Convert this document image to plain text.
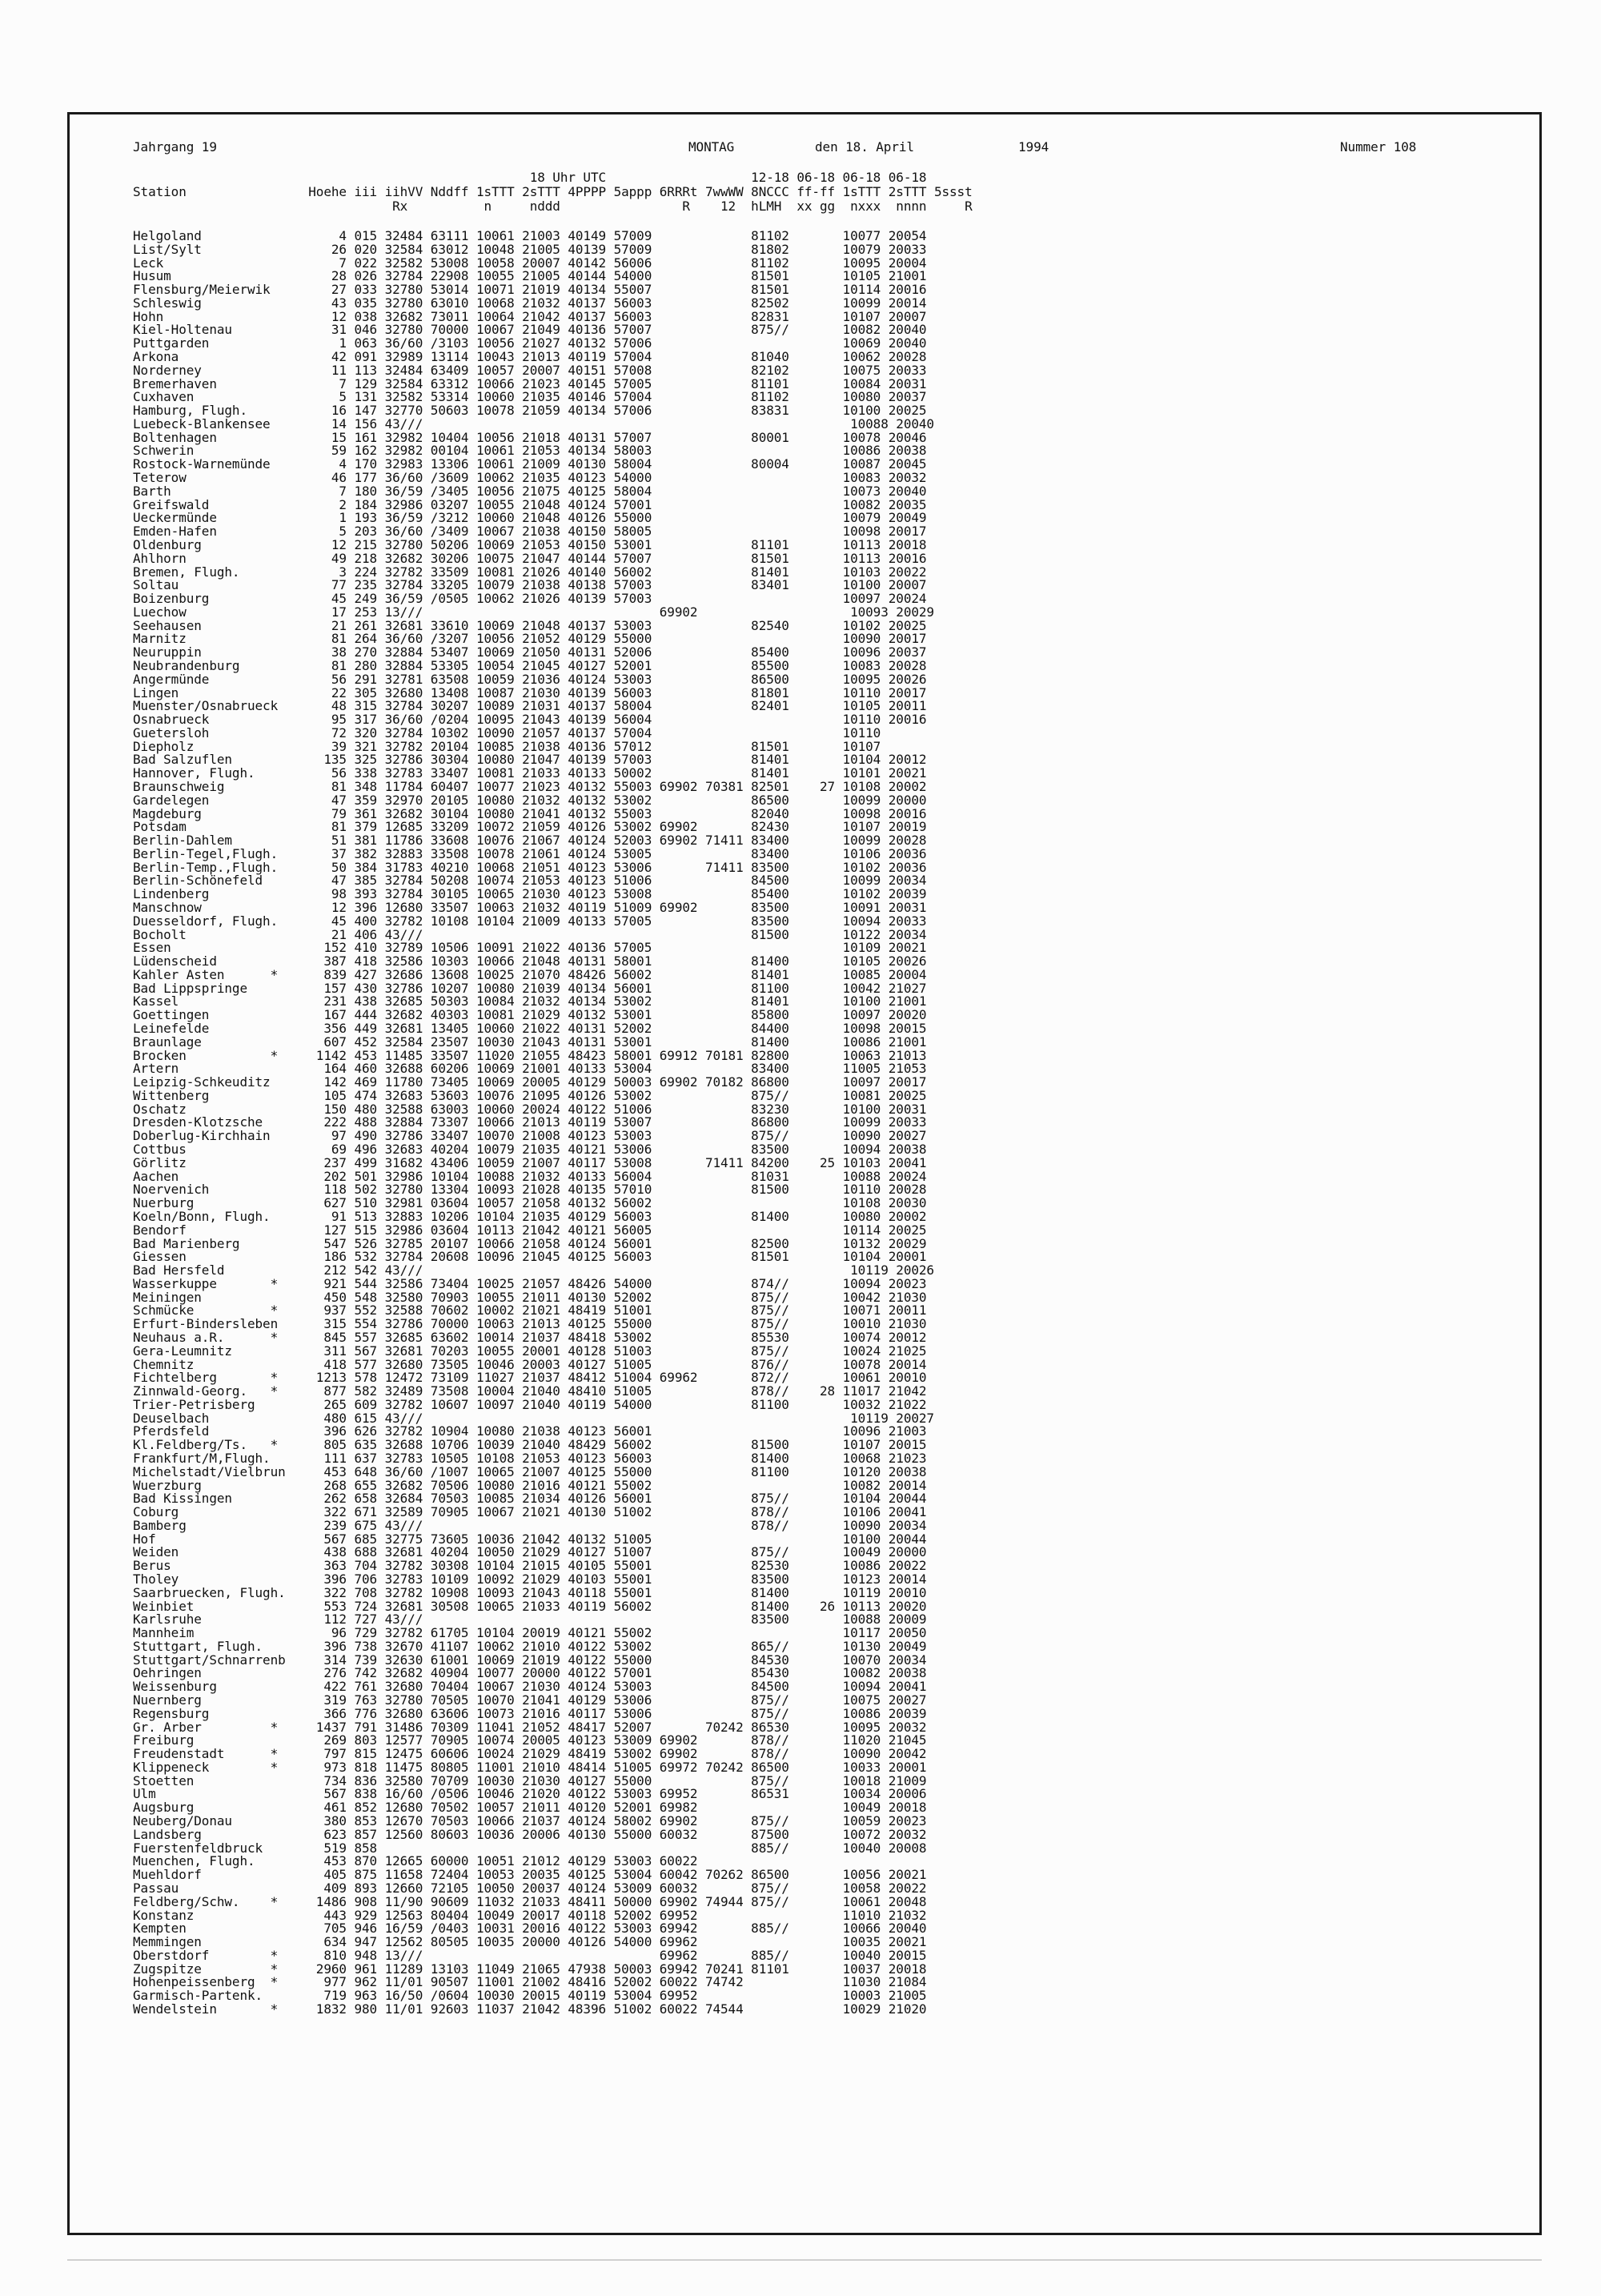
Jahrgang 19	MONTAG	den 18. April	1994	Nummer 108
18 Uhr UTC                   12-18 06-18 06-18 06-18
Station                Hoehe iii iihVV Nddff 1sTTT 2sTTT 4PPPP 5appp 6RRRt 7wwWW 8NCCC ff-ff 1sTTT 2sTTT 5ssst
Rx          n     nddd                R    12  hLMH  xx gg  nxxx  nnnn     R
Helgoland                  4 015 32484 63111 10061 21003 40149 57009             81102       10077 20054
List/Sylt                 26 020 32584 63012 10048 21005 40139 57009             81802       10079 20033
Leck                       7 022 32582 53008 10058 20007 40142 56006             81102       10095 20004
Husum                     28 026 32784 22908 10055 21005 40144 54000             81501       10105 21001
Flensburg/Meierwik        27 033 32780 53014 10071 21019 40134 55007             81501       10114 20016
Schleswig                 43 035 32780 63010 10068 21032 40137 56003             82502       10099 20014
Hohn                      12 038 32682 73011 10064 21042 40137 56003             82831       10107 20007
Kiel-Holtenau             31 046 32780 70000 10067 21049 40136 57007             875//       10082 20040
Puttgarden                 1 063 36/60 /3103 10056 21027 40132 57006                         10069 20040
Arkona                    42 091 32989 13114 10043 21013 40119 57004             81040       10062 20028
Norderney                 11 113 32484 63409 10057 20007 40151 57008             82102       10075 20033
Bremerhaven                7 129 32584 63312 10066 21023 40145 57005             81101       10084 20031
Cuxhaven                   5 131 32582 53314 10060 21035 40146 57004             81102       10080 20037
Hamburg, Flugh.           16 147 32770 50603 10078 21059 40134 57006             83831       10100 20025
Luebeck-Blankensee        14 156 43///                                                        10088 20040
Boltenhagen               15 161 32982 10404 10056 21018 40131 57007             80001       10078 20046
Schwerin                  59 162 32982 00104 10061 21053 40134 58003                         10086 20038
Rostock-Warnemünde         4 170 32983 13306 10061 21009 40130 58004             80004       10087 20045
Teterow                   46 177 36/60 /3609 10062 21035 40123 54000                         10083 20032
Barth                      7 180 36/59 /3405 10056 21075 40125 58004                         10073 20040
Greifswald                 2 184 32986 03207 10055 21048 40124 57001                         10082 20035
Ueckermünde                1 193 36/59 /3212 10060 21048 40126 55000                         10079 20049
Emden-Hafen                5 203 36/60 /3409 10067 21038 40150 58005                         10098 20017
Oldenburg                 12 215 32780 50206 10069 21053 40150 53001             81101       10113 20018
Ahlhorn                   49 218 32682 30206 10075 21047 40144 57007             81501       10113 20016
Bremen, Flugh.             3 224 32782 33509 10081 21026 40140 56002             81401       10103 20022
Soltau                    77 235 32784 33205 10079 21038 40138 57003             83401       10100 20007
Boizenburg                45 249 36/59 /0505 10062 21026 40139 57003                         10097 20024
Luechow                   17 253 13///                               69902                    10093 20029
Seehausen                 21 261 32681 33610 10069 21048 40137 53003             82540       10102 20025
Marnitz                   81 264 36/60 /3207 10056 21052 40129 55000                         10090 20017
Neuruppin                 38 270 32884 53407 10069 21050 40131 52006             85400       10096 20037
Neubrandenburg            81 280 32884 53305 10054 21045 40127 52001             85500       10083 20028
Angermünde                56 291 32781 63508 10059 21036 40124 53003             86500       10095 20026
Lingen                    22 305 32680 13408 10087 21030 40139 56003             81801       10110 20017
Muenster/Osnabrueck       48 315 32784 30207 10089 21031 40137 58004             82401       10105 20011
Osnabrueck                95 317 36/60 /0204 10095 21043 40139 56004                         10110 20016
Guetersloh                72 320 32784 10302 10090 21057 40137 57004                         10110
Diepholz                  39 321 32782 20104 10085 21038 40136 57012             81501       10107
Bad Salzuflen            135 325 32786 30304 10080 21047 40139 57003             81401       10104 20012
Hannover, Flugh.          56 338 32783 33407 10081 21033 40133 50002             81401       10101 20021
Braunschweig              81 348 11784 60407 10077 21023 40132 55003 69902 70381 82501    27 10108 20002
Gardelegen                47 359 32970 20105 10080 21032 40132 53002             86500       10099 20000
Magdeburg                 79 361 32682 30104 10080 21041 40132 55003             82040       10098 20016
Potsdam                   81 379 12685 33209 10072 21059 40126 53002 69902       82430       10107 20019
Berlin-Dahlem             51 381 11786 33608 10076 21067 40124 52003 69902 71411 83400       10099 20028
Berlin-Tegel,Flugh.       37 382 32883 33508 10078 21061 40124 53005             83400       10106 20036
Berlin-Temp.,Flugh.       50 384 31783 40210 10068 21051 40123 53006       71411 83500       10102 20036
Berlin-Schönefeld         47 385 32784 50208 10074 21053 40123 51006             84500       10099 20034
Lindenberg                98 393 32784 30105 10065 21030 40123 53008             85400       10102 20039
Manschnow                 12 396 12680 33507 10063 21032 40119 51009 69902       83500       10091 20031
Duesseldorf, Flugh.       45 400 32782 10108 10104 21009 40133 57005             83500       10094 20033
Bocholt                   21 406 43///                                           81500       10122 20034
Essen                    152 410 32789 10506 10091 21022 40136 57005                         10109 20021
Lüdenscheid              387 418 32586 10303 10066 21048 40131 58001             81400       10105 20026
Kahler Asten      *      839 427 32686 13608 10025 21070 48426 56002             81401       10085 20004
Bad Lippspringe          157 430 32786 10207 10080 21039 40134 56001             81100       10042 21027
Kassel                   231 438 32685 50303 10084 21032 40134 53002             81401       10100 21001
Goettingen               167 444 32682 40303 10081 21029 40132 53001             85800       10097 20020
Leinefelde               356 449 32681 13405 10060 21022 40131 52002             84400       10098 20015
Braunlage                607 452 32584 23507 10030 21043 40131 53001             81400       10086 21001
Brocken           *     1142 453 11485 33507 11020 21055 48423 58001 69912 70181 82800       10063 21013
Artern                   164 460 32688 60206 10069 21001 40133 53004             83400       11005 21053
Leipzig-Schkeuditz       142 469 11780 73405 10069 20005 40129 50003 69902 70182 86800       10097 20017
Wittenberg               105 474 32683 53603 10076 21095 40126 53002             875//       10081 20025
Oschatz                  150 480 32588 63003 10060 20024 40122 51006             83230       10100 20031
Dresden-Klotzsche        222 488 32884 73307 10066 21013 40119 53007             86800       10099 20033
Doberlug-Kirchhain        97 490 32786 33407 10070 21008 40123 53003             875//       10090 20027
Cottbus                   69 496 32683 40204 10079 21035 40121 53006             83500       10094 20038
Görlitz                  237 499 31682 43406 10059 21007 40117 53008       71411 84200    25 10103 20041
Aachen                   202 501 32986 10104 10088 21032 40133 56004             81031       10088 20024
Noervenich               118 502 32780 13304 10093 21028 40135 57010             81500       10110 20028
Nuerburg                 627 510 32981 03604 10057 21058 40132 56002                         10108 20030
Koeln/Bonn, Flugh.        91 513 32883 10206 10104 21035 40129 56003             81400       10080 20002
Bendorf                  127 515 32986 03604 10113 21042 40121 56005                         10114 20025
Bad Marienberg           547 526 32785 20107 10066 21058 40124 56001             82500       10132 20029
Giessen                  186 532 32784 20608 10096 21045 40125 56003             81501       10104 20001
Bad Hersfeld             212 542 43///                                                        10119 20026
Wasserkuppe       *      921 544 32586 73404 10025 21057 48426 54000             874//       10094 20023
Meiningen                450 548 32580 70903 10055 21011 40130 52002             875//       10042 21030
Schmücke          *      937 552 32588 70602 10002 21021 48419 51001             875//       10071 20011
Erfurt-Bindersleben      315 554 32786 70000 10063 21013 40125 55000             875//       10010 21030
Neuhaus a.R.      *      845 557 32685 63602 10014 21037 48418 53002             85530       10074 20012
Gera-Leumnitz            311 567 32681 70203 10055 20001 40128 51003             875//       10024 21025
Chemnitz                 418 577 32680 73505 10046 20003 40127 51005             876//       10078 20014
Fichtelberg       *     1213 578 12472 73109 11027 21037 48412 51004 69962       872//       10061 20010
Zinnwald-Georg.   *      877 582 32489 73508 10004 21040 48410 51005             878//    28 11017 21042
Trier-Petrisberg         265 609 32782 10607 10097 21040 40119 54000             81100       10032 21022
Deuselbach               480 615 43///                                                        10119 20027
Pferdsfeld               396 626 32782 10904 10080 21038 40123 56001                         10096 21003
Kl.Feldberg/Ts.   *      805 635 32688 10706 10039 21040 48429 56002             81500       10107 20015
Frankfurt/M,Flugh.       111 637 32783 10505 10108 21053 40123 56003             81400       10068 21023
Michelstadt/Vielbrun     453 648 36/60 /1007 10065 21007 40125 55000             81100       10120 20038
Wuerzburg                268 655 32682 70506 10080 21016 40121 55002                         10082 20014
Bad Kissingen            262 658 32684 70503 10085 21034 40126 56001             875//       10104 20044
Coburg                   322 671 32589 70905 10067 21021 40130 51002             878//       10106 20041
Bamberg                  239 675 43///                                           878//       10090 20034
Hof                      567 685 32775 73605 10036 21042 40132 51005                         10100 20044
Weiden                   438 688 32681 40204 10050 21029 40127 51007             875//       10049 20000
Berus                    363 704 32782 30308 10104 21015 40105 55001             82530       10086 20022
Tholey                   396 706 32783 10109 10092 21029 40103 55001             83500       10123 20014
Saarbruecken, Flugh.     322 708 32782 10908 10093 21043 40118 55001             81400       10119 20010
Weinbiet                 553 724 32681 30508 10065 21033 40119 56002             81400    26 10113 20020
Karlsruhe                112 727 43///                                           83500       10088 20009
Mannheim                  96 729 32782 61705 10104 20019 40121 55002                         10117 20050
Stuttgart, Flugh.        396 738 32670 41107 10062 21010 40122 53002             865//       10130 20049
Stuttgart/Schnarrenb     314 739 32630 61001 10069 21019 40122 55000             84530       10070 20034
Oehringen                276 742 32682 40904 10077 20000 40122 57001             85430       10082 20038
Weissenburg              422 761 32680 70404 10067 21030 40124 53003             84500       10094 20041
Nuernberg                319 763 32780 70505 10070 21041 40129 53006             875//       10075 20027
Regensburg               366 776 32680 63606 10073 21016 40117 53006             875//       10086 20039
Gr. Arber         *     1437 791 31486 70309 11041 21052 48417 52007       70242 86530       10095 20032
Freiburg                 269 803 12577 70905 10074 20005 40123 53009 69902       878//       11020 21045
Freudenstadt      *      797 815 12475 60606 10024 21029 48419 53002 69902       878//       10090 20042
Klippeneck        *      973 818 11475 80805 11001 21010 48414 51005 69972 70242 86500       10033 20001
Stoetten                 734 836 32580 70709 10030 21030 40127 55000             875//       10018 21009
Ulm                      567 838 16/60 /0506 10046 21020 40122 53003 69952       86531       10034 20006
Augsburg                 461 852 12680 70502 10057 21011 40120 52001 69982                   10049 20018
Neuberg/Donau            380 853 12670 70503 10066 21037 40124 58002 69902       875//       10059 20023
Landsberg                623 857 12560 80603 10036 20006 40130 55000 60032       87500       10072 20032
Fuerstenfeldbruck        519 858                                                 885//       10040 20008
Muenchen, Flugh.         453 870 12665 60000 10051 21012 40129 53003 60022
Muehldorf                405 875 11658 72404 10053 20035 40125 53004 60042 70262 86500       10056 20021
Passau                   409 893 12660 72105 10050 20037 40124 53009 60032       875//       10058 20022
Feldberg/Schw.    *     1486 908 11/90 90609 11032 21033 48411 50000 69902 74944 875//       10061 20048
Konstanz                 443 929 12563 80404 10049 20017 40118 52002 69952                   11010 21032
Kempten                  705 946 16/59 /0403 10031 20016 40122 53003 69942       885//       10066 20040
Memmingen                634 947 12562 80505 10035 20000 40126 54000 69962                   10035 20021
Oberstdorf        *      810 948 13///                               69962       885//       10040 20015
Zugspitze         *     2960 961 11289 13103 11049 21065 47938 50003 69942 70241 81101       10037 20018
Hohenpeissenberg  *      977 962 11/01 90507 11001 21002 48416 52002 60022 74742             11030 21084
Garmisch-Partenk.        719 963 16/50 /0604 10030 20015 40119 53004 69952                   10003 21005
Wendelstein       *     1832 980 11/01 92603 11037 21042 48396 51002 60022 74544             10029 21020
